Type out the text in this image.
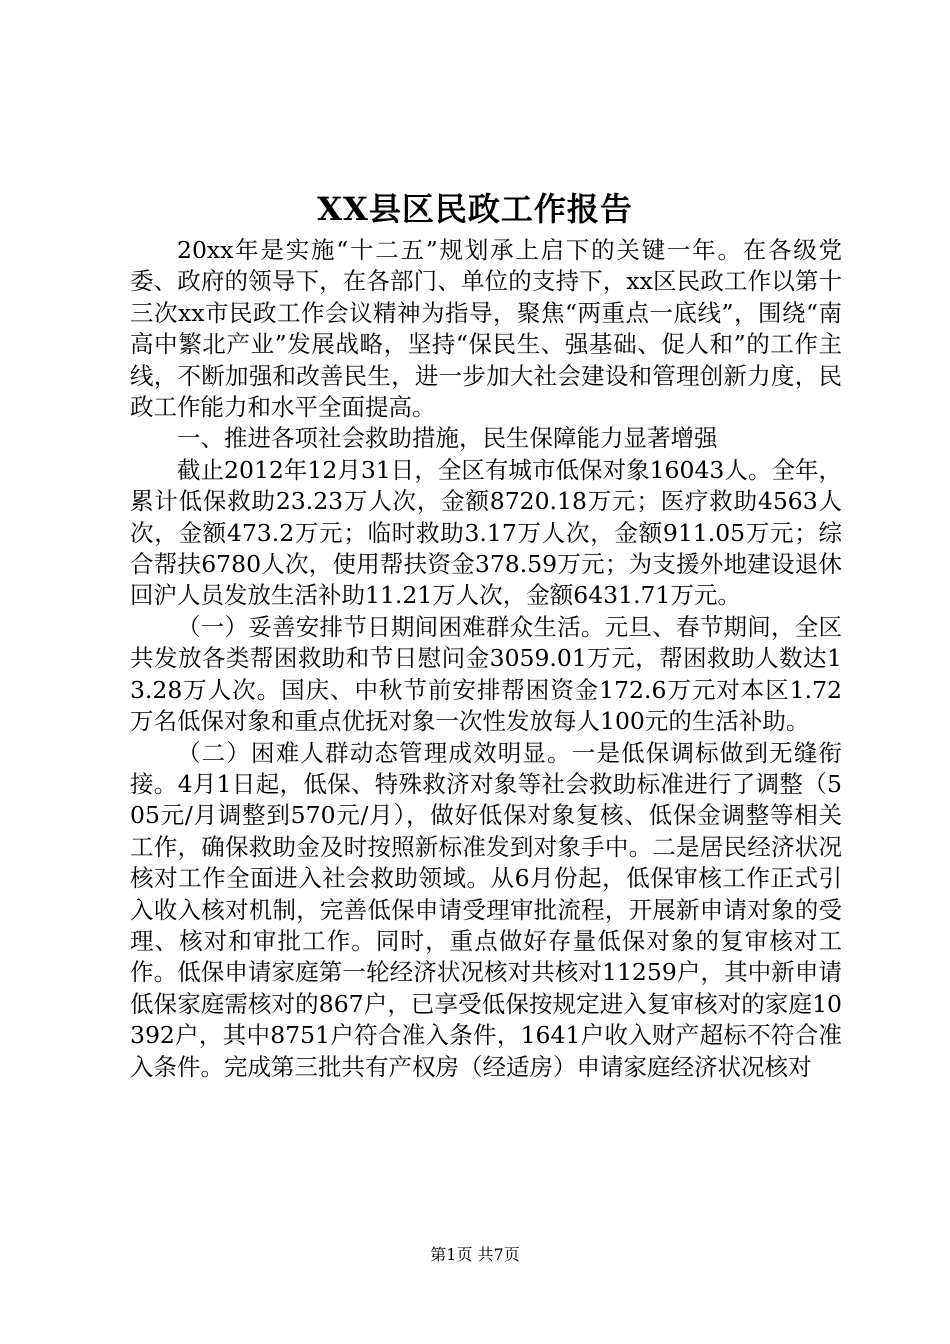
XX县区民政工作报告

20xx年是实施“十二五”规划承上启下的关键一年。在各级党委、政府的领导下，在各部门、单位的支持下，xx区民政工作以第十三次xx市民政工作会议精神为指导，聚焦“两重点一底线”，围绕“南高中繁北产业”发展战略，坚持“保民生、强基础、促人和”的工作主线，不断加强和改善民生，进一步加大社会建设和管理创新力度，民政工作能力和水平全面提高。

一、推进各项社会救助措施，民生保障能力显著增强

截止2012年12月31日，全区有城市低保对象16043人。全年，累计低保救助23.23万人次，金额8720.18万元；医疗救助4563人次，金额473.2万元；临时救助3.17万人次，金额911.05万元；综合帮扶6780人次，使用帮扶资金378.59万元；为支援外地建设退休回沪人员发放生活补助11.21万人次，金额6431.71万元。

（一）妥善安排节日期间困难群众生活。元旦、春节期间，全区共发放各类帮困救助和节日慰问金3059.01万元，帮困救助人数达13.28万人次。国庆、中秋节前安排帮困资金172.6万元对本区1.72万名低保对象和重点优抚对象一次性发放每人100元的生活补助。

（二）困难人群动态管理成效明显。一是低保调标做到无缝衔接。4月1日起，低保、特殊救济对象等社会救助标准进行了调整（505元/月调整到570元/月），做好低保对象复核、低保金调整等相关工作，确保救助金及时按照新标准发到对象手中。二是居民经济状况核对工作全面进入社会救助领域。从6月份起，低保审核工作正式引入收入核对机制，完善低保申请受理审批流程，开展新申请对象的受理、核对和审批工作。同时，重点做好存量低保对象的复审核对工作。低保申请家庭第一轮经济状况核对共核对11259户，其中新申请低保家庭需核对的867户，已享受低保按规定进入复审核对的家庭10392户，其中8751户符合准入条件，1641户收入财产超标不符合准入条件。完成第三批共有产权房（经适房）申请家庭经济状况核对

第1页 共7页
